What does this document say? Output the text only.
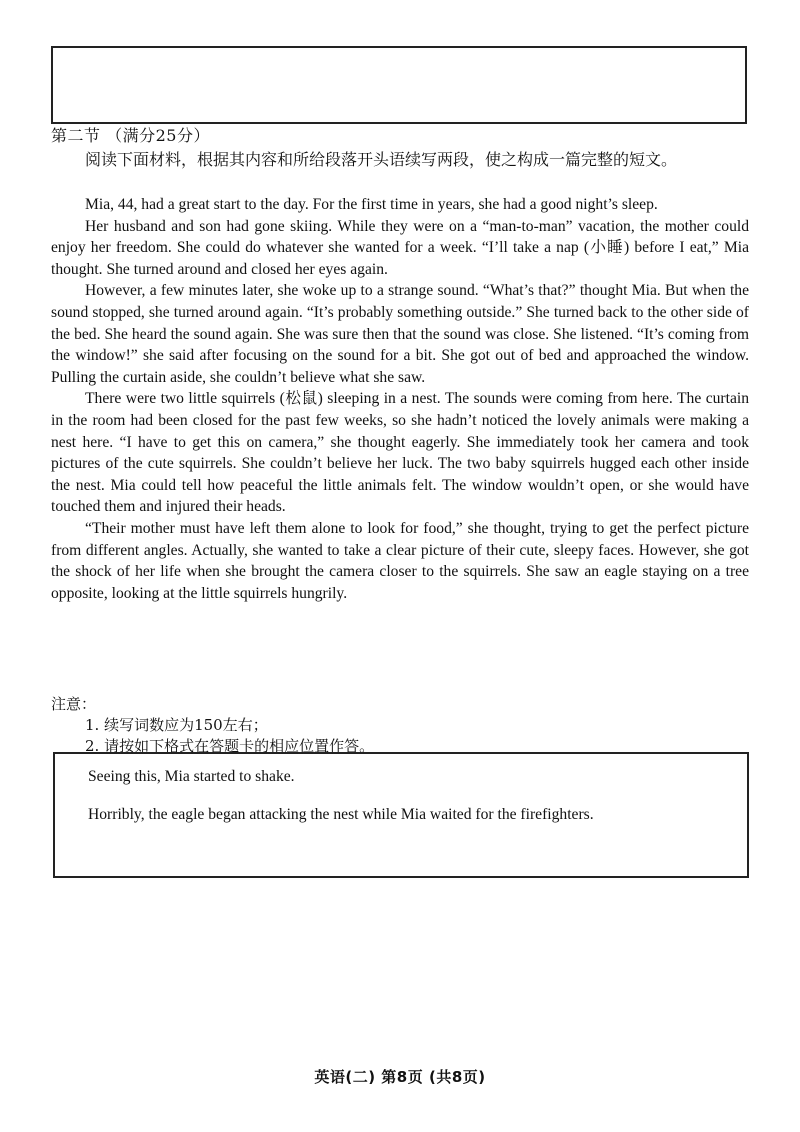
第二节 （满分25分）
阅读下面材料，根据其内容和所给段落开头语续写两段，使之构成一篇完整的短文。

Mia, 44, had a great start to the day. For the first time in years, she had a good night’s sleep.

Her husband and son had gone skiing. While they were on a “man-to-man” vacation, the mother could enjoy her freedom. She could do whatever she wanted for a week. “I’ll take a nap (小睡) before I eat,” Mia thought. She turned around and closed her eyes again.

However, a few minutes later, she woke up to a strange sound. “What’s that?” thought Mia. But when the sound stopped, she turned around again. “It’s probably something outside.” She turned back to the other side of the bed. She heard the sound again. She was sure then that the sound was close. She listened. “It’s coming from the window!” she said after focusing on the sound for a bit. She got out of bed and approached the window. Pulling the curtain aside, she couldn’t believe what she saw.

There were two little squirrels (松鼠) sleeping in a nest. The sounds were coming from here. The curtain in the room had been closed for the past few weeks, so she hadn’t noticed the lovely animals were making a nest here. “I have to get this on camera,” she thought eagerly. She immediately took her camera and took pictures of the cute squirrels. She couldn’t believe her luck. The two baby squirrels hugged each other inside the nest. Mia could tell how peaceful the little animals felt. The window wouldn’t open, or she would have touched them and injured their heads.

“Their mother must have left them alone to look for food,” she thought, trying to get the perfect picture from different angles. Actually, she wanted to take a clear picture of their cute, sleepy faces. However, she got the shock of her life when she brought the camera closer to the squirrels. She saw an eagle staying on a tree opposite, looking at the little squirrels hungrily.

注意：
1. 续写词数应为150左右；
2. 请按如下格式在答题卡的相应位置作答。
Seeing this, Mia started to shake.
Horribly, the eagle began attacking the nest while Mia waited for the firefighters.
英语(二) 第8页 (共8页)
